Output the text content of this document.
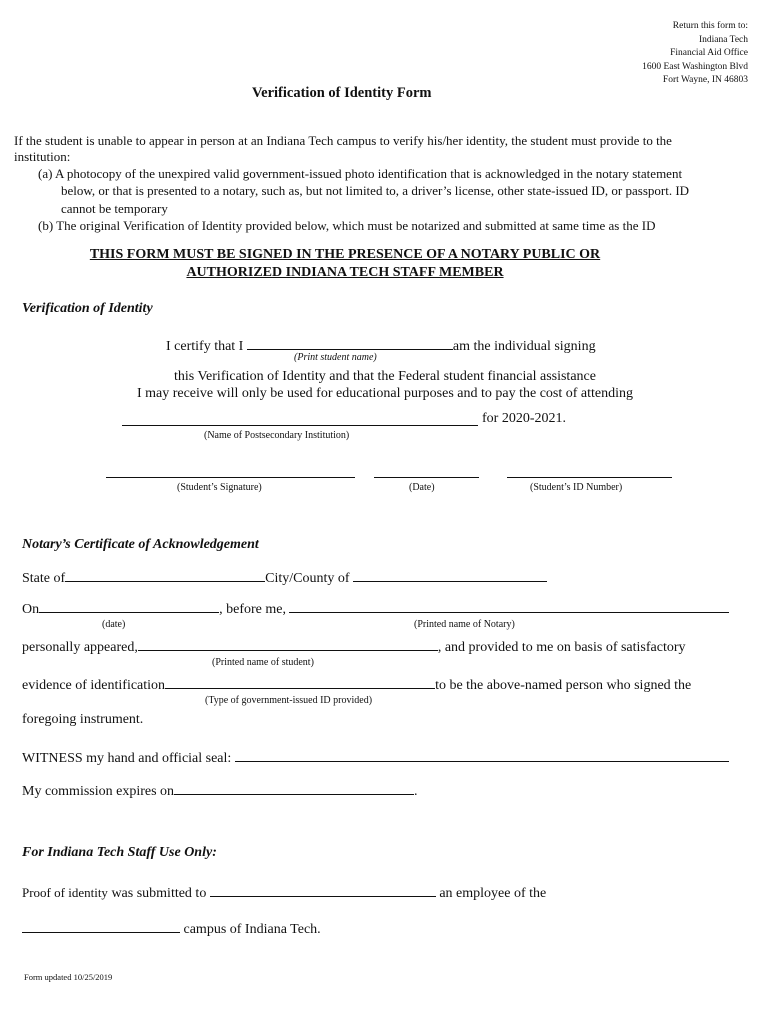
Return this form to:
Indiana Tech
Financial Aid Office
1600 East Washington Blvd
Fort Wayne, IN 46803
Verification of Identity Form
If the student is unable to appear in person at an Indiana Tech campus to verify his/her identity, the student must provide to the
institution:
(a) A photocopy of the unexpired valid government-issued photo identification that is acknowledged in the notary statement
below, or that is presented to a notary, such as, but not limited to, a driver’s license, other state-issued ID, or passport. ID
cannot be temporary
(b) The original Verification of Identity provided below, which must be notarized and submitted at same time as the ID
THIS FORM MUST BE SIGNED IN THE PRESENCE OF A NOTARY PUBLIC OR
AUTHORIZED INDIANA TECH STAFF MEMBER
Verification of Identity
I certify that I	am the individual signing
(Print student name)
this Verification of Identity and that the Federal student financial assistance
I may receive will only be used for educational purposes and to pay the cost of attending
for 2020-2021.
(Name of Postsecondary Institution)
(Student’s Signature)	(Date)	(Student’s ID Number)
Notary’s Certificate of Acknowledgement
State of	City/County of
On	, before me,
(date)	(Printed name of Notary)
personally appeared,	, and provided to me on basis of satisfactory
(Printed name of student)
evidence of identification	to be the above-named person who signed the
(Type of government-issued ID provided)
foregoing instrument.
WITNESS my hand and official seal:
My commission expires on	.
For Indiana Tech Staff Use Only:
Proof of identity was submitted to	an employee of the
campus of Indiana Tech.
Form updated 10/25/2019
